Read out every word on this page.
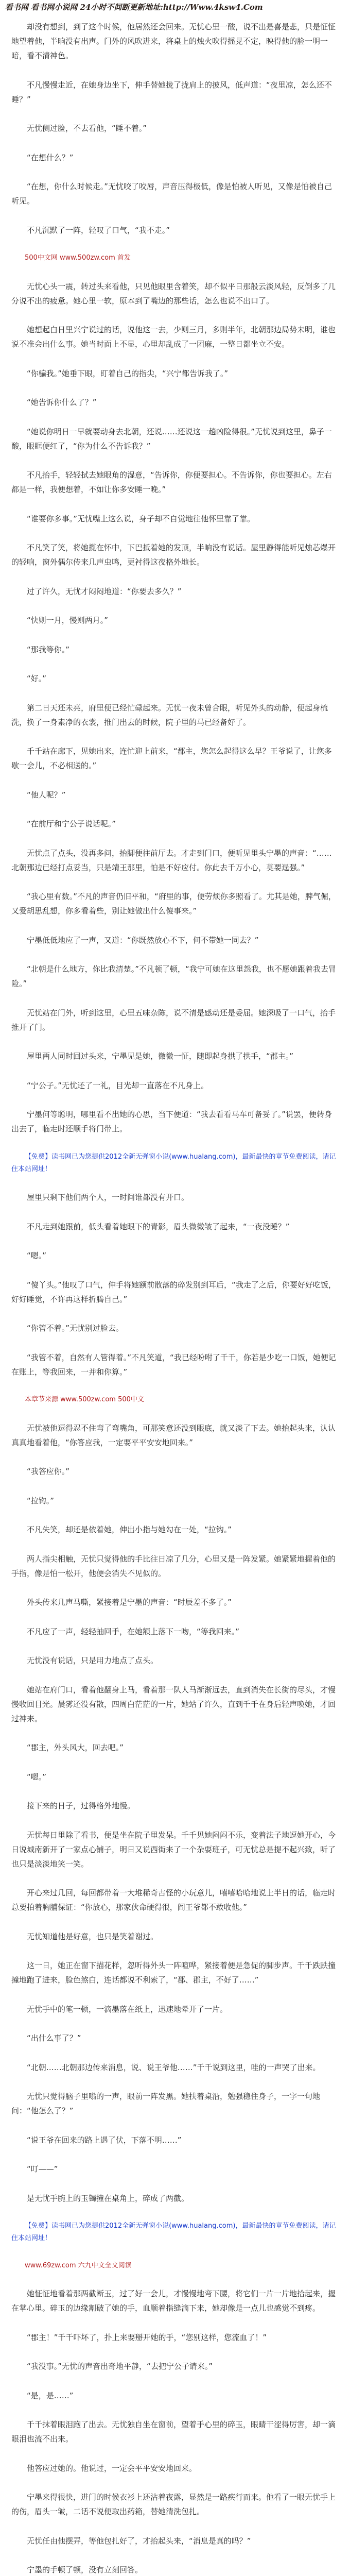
看书网 看书网小说网 24小时不间断更新地址:http://Www.4ksw4.Com

却没有想到，到了这个时候，他居然还会回来。无忧心里一酸，说不出是喜是悲，只是怔怔地望着他，半晌没有出声。门外的风吹进来，将桌上的烛火吹得摇晃不定，映得他的脸一明一暗，看不清神色。

不凡慢慢走近，在她身边坐下，伸手替她拢了拢肩上的披风，低声道：“夜里凉，怎么还不睡？”

无忧侧过脸，不去看他，“睡不着。”

“在想什么？”

“在想，你什么时候走。”无忧咬了咬唇，声音压得极低，像是怕被人听见，又像是怕被自己听见。

不凡沉默了一阵，轻叹了口气，“我不走。”

500中文网 www.500zw.com 首发

无忧心头一震，转过头来看他，只见他眼里含着笑，却不似平日那般云淡风轻，反倒多了几分说不出的疲惫。她心里一软，原本到了嘴边的那些话，怎么也说不出口了。

她想起白日里兴宁说过的话，说他这一去，少则三月，多则半年，北朝那边局势未明，谁也说不准会出什么事。她当时面上不显，心里却乱成了一团麻，一整日都坐立不安。

“你骗我。”她垂下眼，盯着自己的指尖，“兴宁都告诉我了。”

“她告诉你什么了？”

“她说你明日一早就要动身去北朝，还说……还说这一趟凶险得很。”无忧说到这里，鼻子一酸，眼眶便红了，“你为什么不告诉我？”

不凡抬手，轻轻拭去她眼角的湿意，“告诉你，你便要担心。不告诉你，你也要担心。左右都是一样，我便想着，不如让你多安睡一晚。”

“谁要你多事。”无忧嘴上这么说，身子却不自觉地往他怀里靠了靠。

不凡笑了笑，将她揽在怀中，下巴抵着她的发顶，半晌没有说话。屋里静得能听见烛芯爆开的轻响，窗外偶尔传来几声虫鸣，更衬得这夜格外地长。

过了许久，无忧才闷闷地道：“你要去多久？”

“快则一月，慢则两月。”

“那我等你。”

“好。”

第二日天还未亮，府里便已经忙碌起来。无忧一夜未曾合眼，听见外头的动静，便起身梳洗，换了一身素净的衣裳，推门出去的时候，院子里的马已经备好了。

千千站在廊下，见她出来，连忙迎上前来，“郡主，您怎么起得这么早？王爷说了，让您多歇一会儿，不必相送的。”

“他人呢？”

“在前厅和宁公子说话呢。”

无忧点了点头，没再多问，抬脚便往前厅去。才走到门口，便听见里头宁墨的声音：“……北朝那边已经打点妥当，只是靖王那里，怕是不好应付。你此去千万小心，莫要逞强。”

“我心里有数。”不凡的声音仍旧平和，“府里的事，便劳烦你多照看了。尤其是她，脾气倔，又爱胡思乱想，你多看着些，别让她做出什么傻事来。”

宁墨低低地应了一声，又道：“你既然放心不下，何不带她一同去？”

“北朝是什么地方，你比我清楚。”不凡顿了顿，“我宁可她在这里怨我，也不愿她跟着我去冒险。”

无忧站在门外，听到这里，心里五味杂陈，说不清是感动还是委屈。她深吸了一口气，抬手推开了门。

屋里两人同时回过头来，宁墨见是她，微微一怔，随即起身拱了拱手，“郡主。”

“宁公子。”无忧还了一礼，目光却一直落在不凡身上。

宁墨何等聪明，哪里看不出她的心思，当下便道：“我去看看马车可备妥了。”说罢，便转身出去了，临走时还顺手将门带上。

【免费】读书网已为您提供2012全新无弹窗小说(www.hualang.com)，最新最快的章节免费阅读，请记住本站网址！

屋里只剩下他们两个人，一时间谁都没有开口。

不凡走到她跟前，低头看着她眼下的青影，眉头微微皱了起来，“一夜没睡？”

“嗯。”

“傻丫头。”他叹了口气，伸手将她额前散落的碎发别到耳后，“我走了之后，你要好好吃饭，好好睡觉，不许再这样折腾自己。”

“你管不着。”无忧别过脸去。

“我管不着，自然有人管得着。”不凡笑道，“我已经吩咐了千千，你若是少吃一口饭，她便记在账上，等我回来，一并和你算。”

本章节来源 www.500zw.com 500中文

无忧被他逗得忍不住弯了弯嘴角，可那笑意还没到眼底，就又淡了下去。她抬起头来，认认真真地看着他，“你答应我，一定要平平安安地回来。”

“我答应你。”

“拉钩。”

不凡失笑，却还是依着她，伸出小指与她勾在一处，“拉钩。”

两人指尖相触，无忧只觉得他的手比往日凉了几分，心里又是一阵发紧。她紧紧地握着他的手指，像是怕一松开，他便会消失不见似的。

外头传来几声马嘶，紧接着是宁墨的声音：“时辰差不多了。”

不凡应了一声，轻轻抽回手，在她额上落下一吻，“等我回来。”

无忧没有说话，只是用力地点了点头。

她站在府门口，看着他翻身上马，看着那一队人马渐渐远去，直到消失在长街的尽头，才慢慢收回目光。晨雾还没有散，四周白茫茫的一片，她站了许久，直到千千在身后轻声唤她，才回过神来。

“郡主，外头风大，回去吧。”

“嗯。”

接下来的日子，过得格外地慢。

无忧每日里除了看书，便是坐在院子里发呆。千千见她闷闷不乐，变着法子地逗她开心，今日说城南新开了一家点心铺子，明日又说西街来了一个杂耍班子，可无忧总是提不起兴致，听了也只是淡淡地笑一笑。

开心来过几回，每回都带着一大堆稀奇古怪的小玩意儿，嘻嘻哈哈地说上半日的话，临走时总要拍着胸脯保证：“你放心，那家伙命硬得很，阎王爷都不敢收他。”

无忧知道他是好意，也只是笑着谢过。

这一日，她正在窗下描花样，忽听得外头一阵喧哗，紧接着便是急促的脚步声。千千跌跌撞撞地跑了进来，脸色煞白，连话都说不利索了，“郡、郡主，不好了……”

无忧手中的笔一顿，一滴墨落在纸上，迅速地晕开了一片。

“出什么事了？”

“北朝……北朝那边传来消息，说、说王爷他……”千千说到这里，哇的一声哭了出来。

无忧只觉得脑子里嗡的一声，眼前一阵发黑。她扶着桌沿，勉强稳住身子，一字一句地问：“他怎么了？”

“说王爷在回来的路上遇了伏，下落不明……”

“叮——”

是无忧手腕上的玉镯撞在桌角上，碎成了两截。

【免费】读书网已为您提供2012全新无弹窗小说(www.hualang.com)，最新最快的章节免费阅读，请记住本站网址！
www.69zw.com 六九中文全文阅读

她怔怔地看着那两截断玉，过了好一会儿，才慢慢地弯下腰，将它们一片一片地拾起来，握在掌心里。碎玉的边缘割破了她的手，血顺着指缝滴下来，她却像是一点儿也感觉不到疼。

“郡主！”千千吓坏了，扑上来要掰开她的手，“您别这样，您流血了！”

“我没事。”无忧的声音出奇地平静，“去把宁公子请来。”

“是，是……”

千千抹着眼泪跑了出去。无忧独自坐在窗前，望着手心里的碎玉，眼睛干涩得厉害，却一滴眼泪也流不出来。

他答应过她的。他说过，一定会平平安安地回来。

宁墨来得很快，进门的时候衣衫上还沾着夜露，显然是一路疾行而来。他看了一眼无忧手上的伤，眉头一皱，二话不说便取出药箱，替她清洗包扎。

无忧任由他摆弄，等他包扎好了，才抬起头来，“消息是真的吗？”

宁墨的手顿了顿，没有立刻回答。
